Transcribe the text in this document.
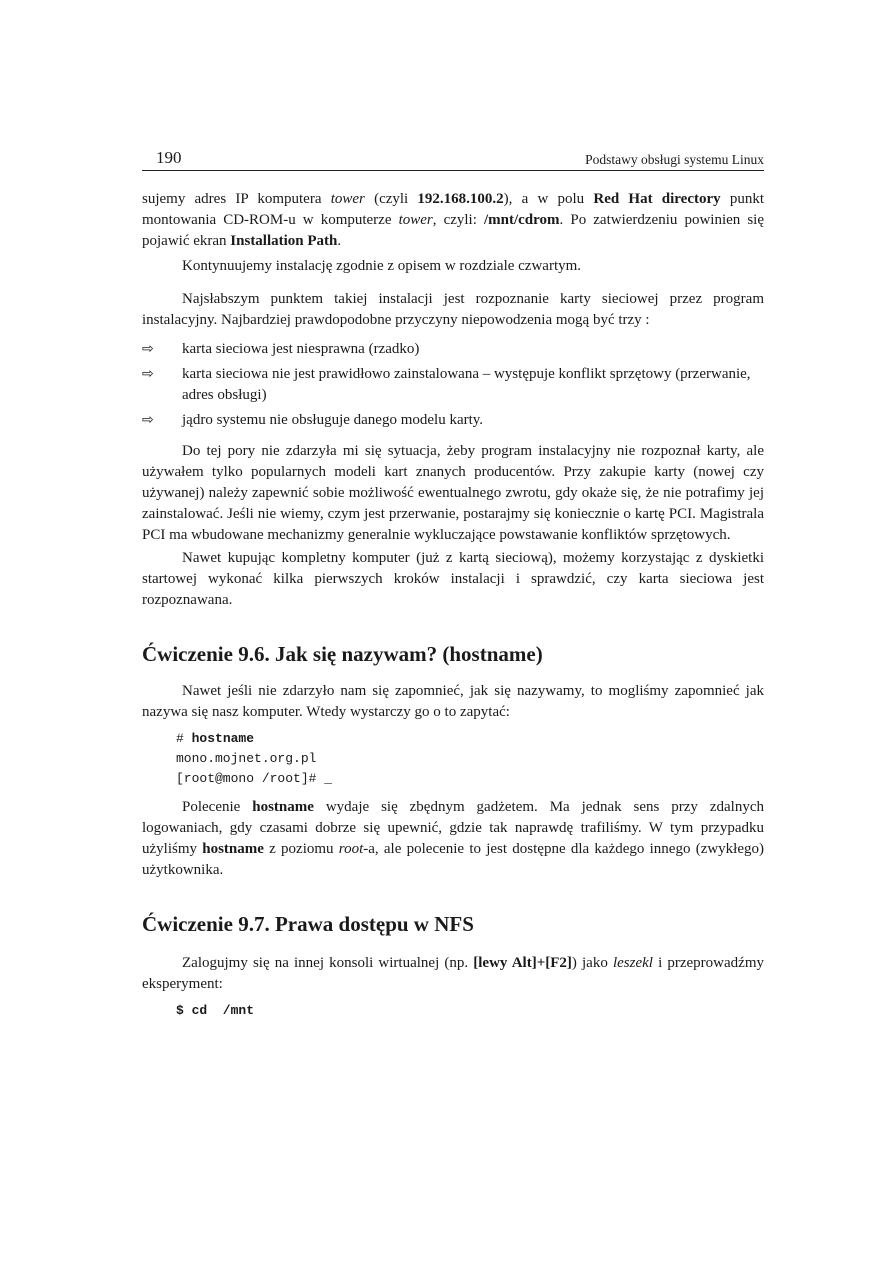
190	Podstawy obsługi systemu Linux

sujemy adres IP komputera tower (czyli 192.168.100.2), a w polu Red Hat directory punkt montowania CD-ROM-u w komputerze tower, czyli: /mnt/cdrom. Po zatwierdzeniu powinien się pojawić ekran Installation Path.

Kontynuujemy instalację zgodnie z opisem w rozdziale czwartym.

Najsłabszym punktem takiej instalacji jest rozpoznanie karty sieciowej przez program instalacyjny. Najbardziej prawdopodobne przyczyny niepowodzenia mogą być trzy :

⇨ karta sieciowa jest niesprawna (rzadko)
⇨ karta sieciowa nie jest prawidłowo zainstalowana – występuje konflikt sprzętowy (przerwanie, adres obsługi)
⇨ jądro systemu nie obsługuje danego modelu karty.

Do tej pory nie zdarzyła mi się sytuacja, żeby program instalacyjny nie rozpoznał karty, ale używałem tylko popularnych modeli kart znanych producentów. Przy zakupie karty (nowej czy używanej) należy zapewnić sobie możliwość ewentualnego zwrotu, gdy okaże się, że nie potrafimy jej zainstalować. Jeśli nie wiemy, czym jest przerwanie, postarajmy się koniecznie o kartę PCI. Magistrala PCI ma wbudowane mechanizmy generalnie wykluczające powstawanie konfliktów sprzętowych.

Nawet kupując kompletny komputer (już z kartą sieciową), możemy korzystając z dyskietki startowej wykonać kilka pierwszych kroków instalacji i sprawdzić, czy karta sieciowa jest rozpoznawana.

Ćwiczenie 9.6. Jak się nazywam? (hostname)

Nawet jeśli nie zdarzyło nam się zapomnieć, jak się nazywamy, to mogliśmy zapomnieć jak nazywa się nasz komputer. Wtedy wystarczy go o to zapytać:

# hostname
mono.mojnet.org.pl
[root@mono /root]# _

Polecenie hostname wydaje się zbędnym gadżetem. Ma jednak sens przy zdalnych logowaniach, gdy czasami dobrze się upewnić, gdzie tak naprawdę trafiliśmy. W tym przypadku użyliśmy hostname z poziomu root-a, ale polecenie to jest dostępne dla każdego innego (zwykłego) użytkownika.

Ćwiczenie 9.7. Prawa dostępu w NFS

Zalogujmy się na innej konsoli wirtualnej (np. [lewy Alt]+[F2]) jako leszekl i przeprowadźmy eksperyment:

$ cd  /mnt
